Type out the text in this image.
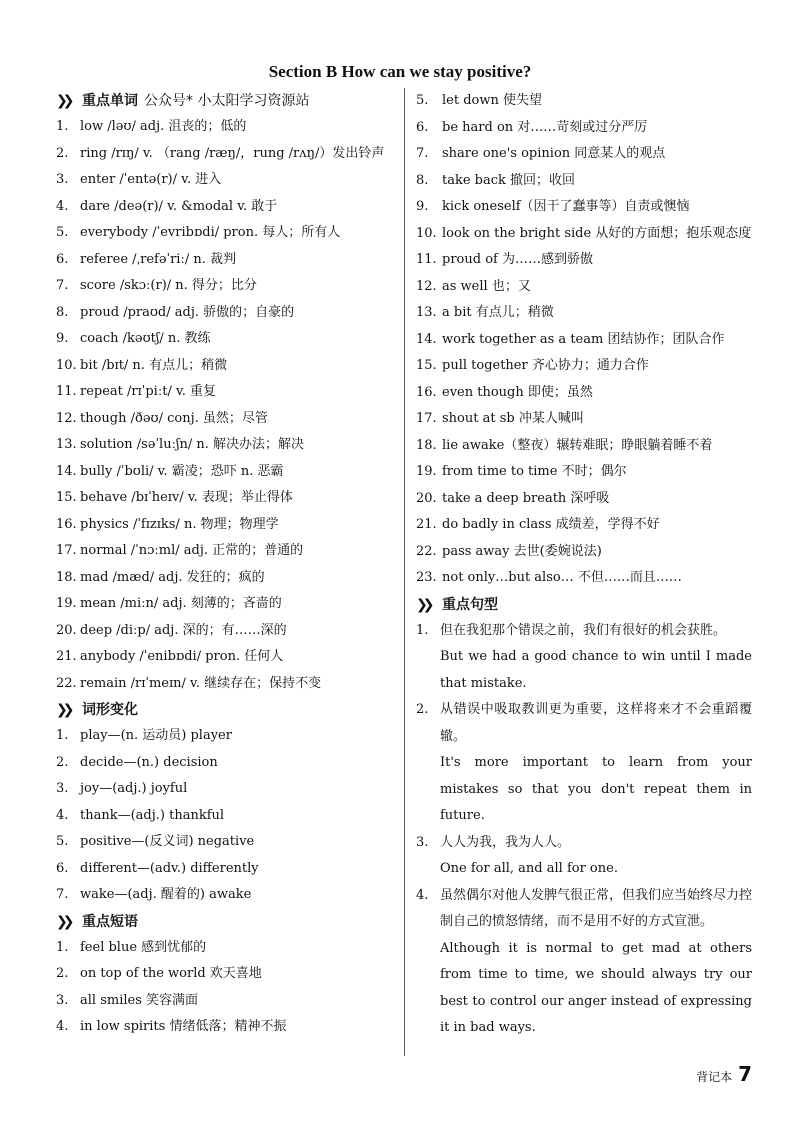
Section B How can we stay positive?
❯❯ 重点单词 公众号* 小太阳学习资源站
1. low /ləʊ/ adj. 沮丧的；低的
2. ring /rɪŋ/ v. （rang /ræŋ/，rung /rʌŋ/）发出铃声
3. enter /ˈentə(r)/ v. 进入
4. dare /deə(r)/ v. &modal v. 敢于
5. everybody /ˈevribɒdi/ pron. 每人；所有人
6. referee /ˌrefəˈriː/ n. 裁判
7. score /skɔː(r)/ n. 得分；比分
8. proud /praʊd/ adj. 骄傲的；自豪的
9. coach /kəʊtʃ/ n. 教练
10. bit /bɪt/ n. 有点儿；稍微
11. repeat /rɪˈpiːt/ v. 重复
12. though /ðəʊ/ conj. 虽然；尽管
13. solution /səˈluːʃn/ n. 解决办法；解决
14. bully /ˈbʊli/ v. 霸凌；恐吓 n. 恶霸
15. behave /bɪˈheɪv/ v. 表现；举止得体
16. physics /ˈfɪzɪks/ n. 物理；物理学
17. normal /ˈnɔːml/ adj. 正常的；普通的
18. mad /mæd/ adj. 发狂的；疯的
19. mean /miːn/ adj. 刻薄的；吝啬的
20. deep /diːp/ adj. 深的；有……深的
21. anybody /ˈenibɒdi/ pron. 任何人
22. remain /rɪˈmeɪn/ v. 继续存在；保持不变
❯❯ 词形变化
1. play—(n. 运动员) player
2. decide—(n.) decision
3. joy—(adj.) joyful
4. thank—(adj.) thankful
5. positive—(反义词) negative
6. different—(adv.) differently
7. wake—(adj. 醒着的) awake
❯❯ 重点短语
1. feel blue 感到忧郁的
2. on top of the world 欢天喜地
3. all smiles 笑容满面
4. in low spirits 情绪低落；精神不振
5.	let down 使失望
6.	be hard on 对……苛刻或过分严厉
7.	share one's opinion 同意某人的观点
8.	take back 撤回；收回
9.	kick oneself（因干了蠢事等）自责或懊恼
10. look on the bright side 从好的方面想；抱乐观态度
11. proud of 为……感到骄傲
12. as well 也；又
13. a bit 有点儿；稍微
14. work together as a team 团结协作；团队合作
15. pull together 齐心协力；通力合作
16. even though 即使；虽然
17. shout at sb 冲某人喊叫
18. lie awake（整夜）辗转难眠；睁眼躺着睡不着
19. from time to time 不时；偶尔
20. take a deep breath 深呼吸
21. do badly in class 成绩差，学得不好
22. pass away 去世(委婉说法)
23. not only…but also… 不但……而且……
❯❯ 重点句型
1. 但在我犯那个错误之前，我们有很好的机会获胜。
But we had a good chance to win until I made that mistake.
2. 从错误中吸取教训更为重要，这样将来才不会重蹈覆辙。
It's more important to learn from your mistakes so that you don't repeat them in future.
3. 人人为我，我为人人。
One for all, and all for one.
4. 虽然偶尔对他人发脾气很正常，但我们应当始终尽力控制自己的愤怒情绪，而不是用不好的方式宣泄。
Although it is normal to get mad at others from time to time, we should always try our best to control our anger instead of expressing it in bad ways.
背记本 7
